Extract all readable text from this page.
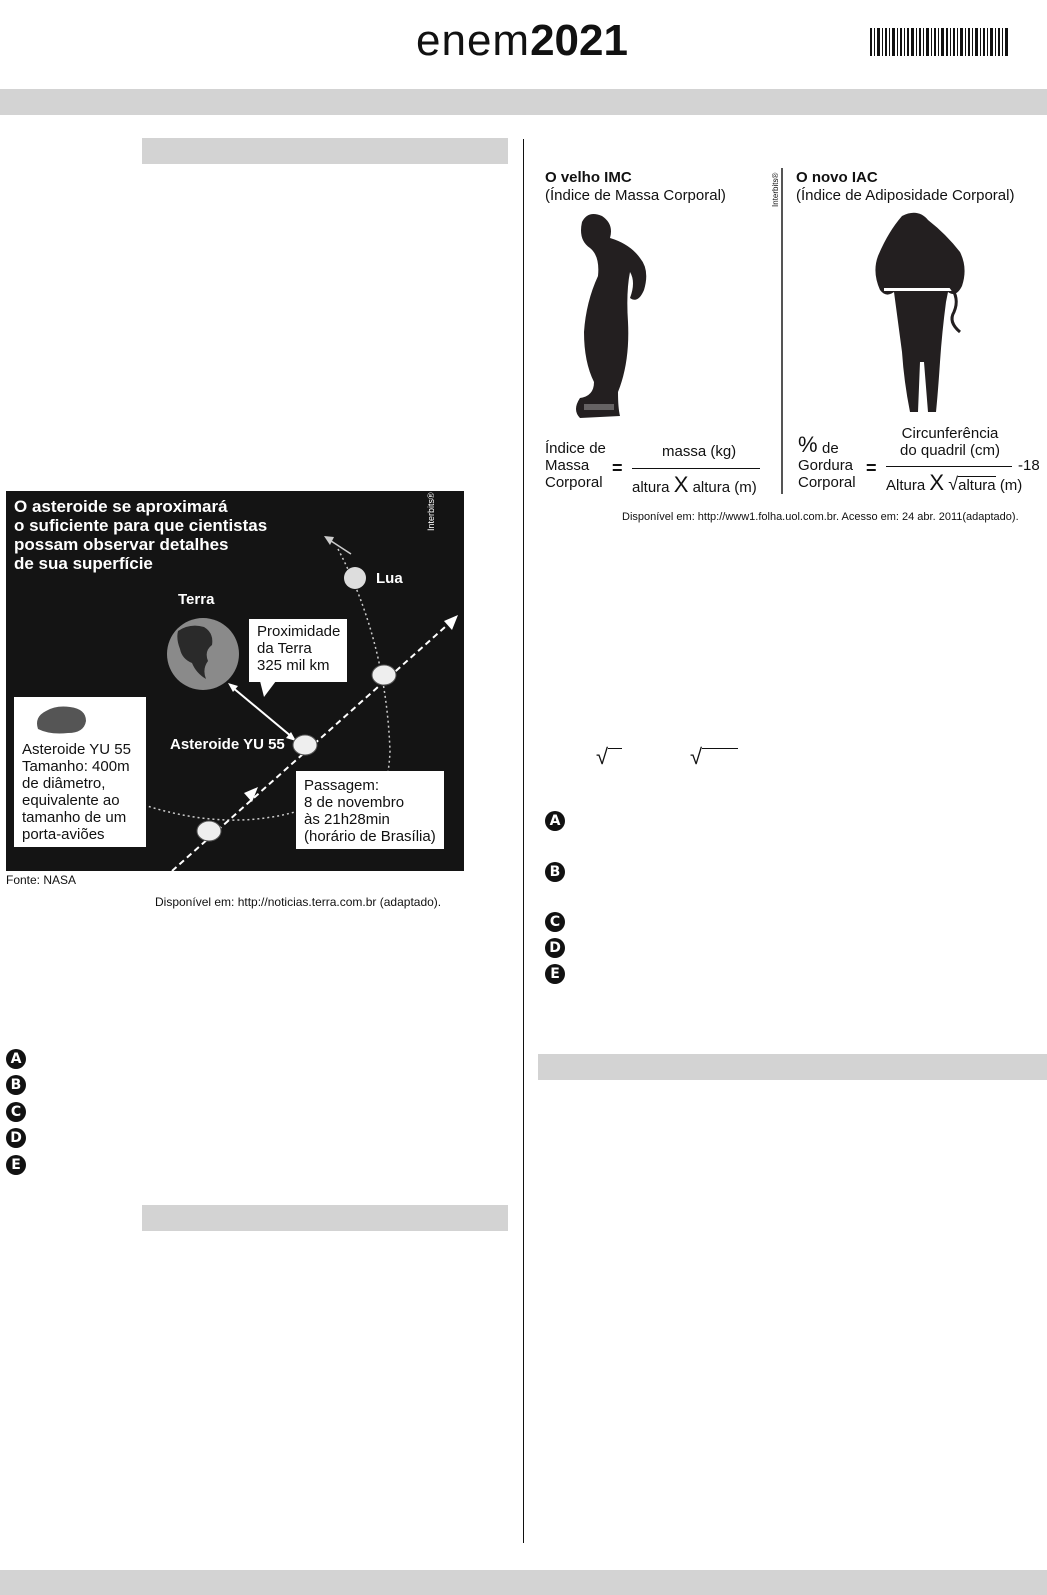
enem2021
O asteroide se aproximará
o suficiente para que cientistas
possam observar detalhes
de sua superfície
Interbits®
Lua
Terra
Proximidade
da Terra
325 mil km
Asteroide YU 55
Asteroide YU 55
Tamanho: 400m
de diâmetro,
equivalente ao
tamanho de um
porta-aviões
Passagem:
8 de novembro
às 21h28min
(horário de Brasília)
Fonte: NASA
Disponível em: http://noticias.terra.com.br (adaptado).
A
B
C
D
E
O velho IMC
(Índice de Massa Corporal)	Interbits® O novo IAC
(Índice de Adiposidade Corporal)
Índice de
Massa
Corporal
=
massa (kg)
altura X altura (m)
% de
Gordura
Corporal
=
Circunferência
do quadril (cm)
-18
Altura X √altura (m)
Disponível em: http://www1.folha.uol.com.br. Acesso em: 24 abr. 2011(adaptado).
√	√
A
B
C
D
E
